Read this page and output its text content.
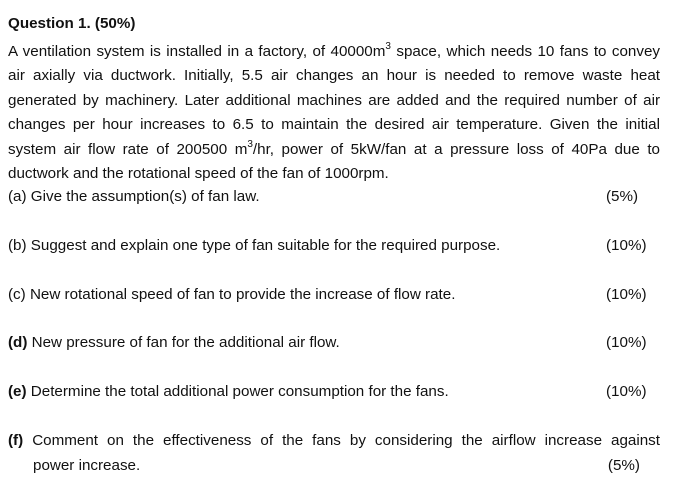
Question 1. (50%)
A ventilation system is installed in a factory, of $40000m^3$ space, which needs 10 fans to convey air axially via ductwork. Initially, 5.5 air changes an hour is needed to remove waste heat generated by machinery. Later additional machines are added and the required number of air changes per hour increases to 6.5 to maintain the desired air temperature. Given the initial system air flow rate of 200500 $m^3/hr$, power of 5kW/fan at a pressure loss of 40Pa due to ductwork and the rotational speed of the fan of 1000rpm.
(a) Give the assumption(s) of fan law.	(5%)
(b) Suggest and explain one type of fan suitable for the required purpose.	(10%)
(c) New rotational speed of fan to provide the increase of flow rate.	(10%)
(d) New pressure of fan for the additional air flow.	(10%)
(e) Determine the total additional power consumption for the fans.	(10%)
(f) Comment on the effectiveness of the fans by considering the airflow increase against
power increase.	(5%)
